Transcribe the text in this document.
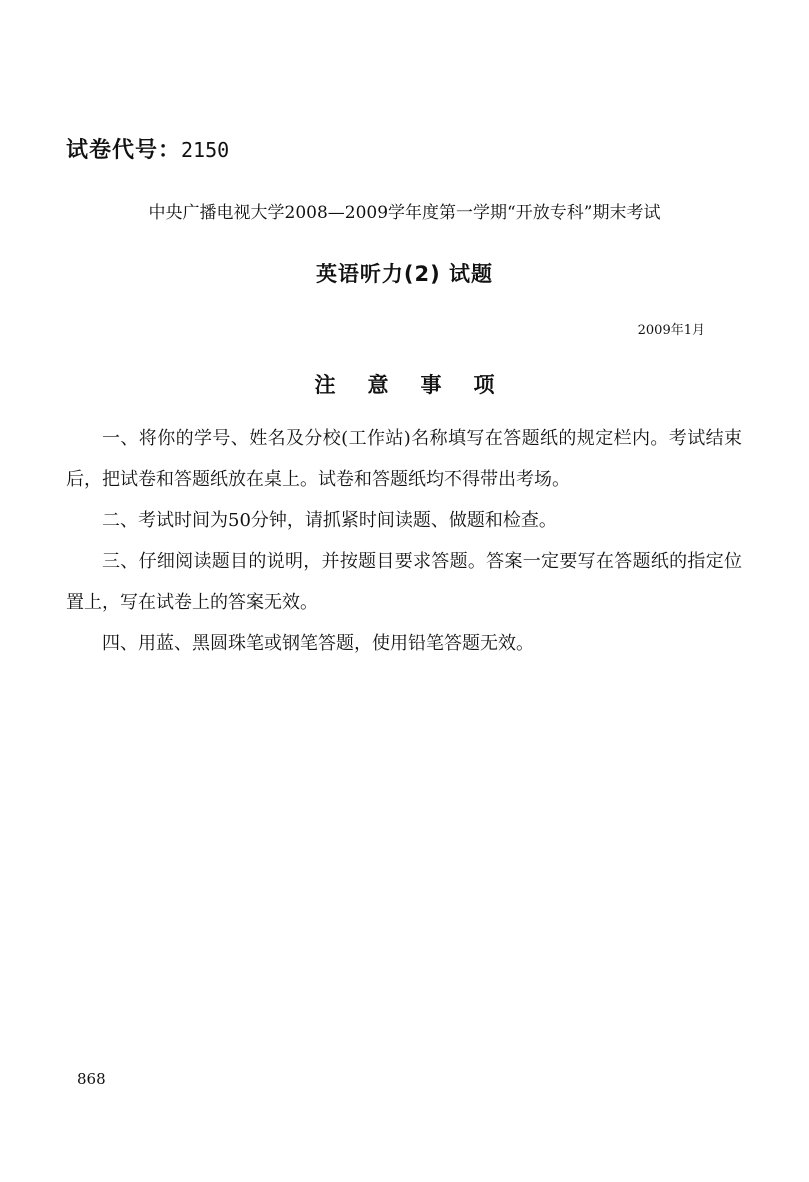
试卷代号：2150
中央广播电视大学2008—2009学年度第一学期“开放专科”期末考试
英语听力(2) 试题
2009年1月
注意事项

一、将你的学号、姓名及分校(工作站)名称填写在答题纸的规定栏内。考试结束后，把试卷和答题纸放在桌上。试卷和答题纸均不得带出考场。

二、考试时间为50分钟，请抓紧时间读题、做题和检查。

三、仔细阅读题目的说明，并按题目要求答题。答案一定要写在答题纸的指定位置上，写在试卷上的答案无效。

四、用蓝、黑圆珠笔或钢笔答题，使用铅笔答题无效。

868
